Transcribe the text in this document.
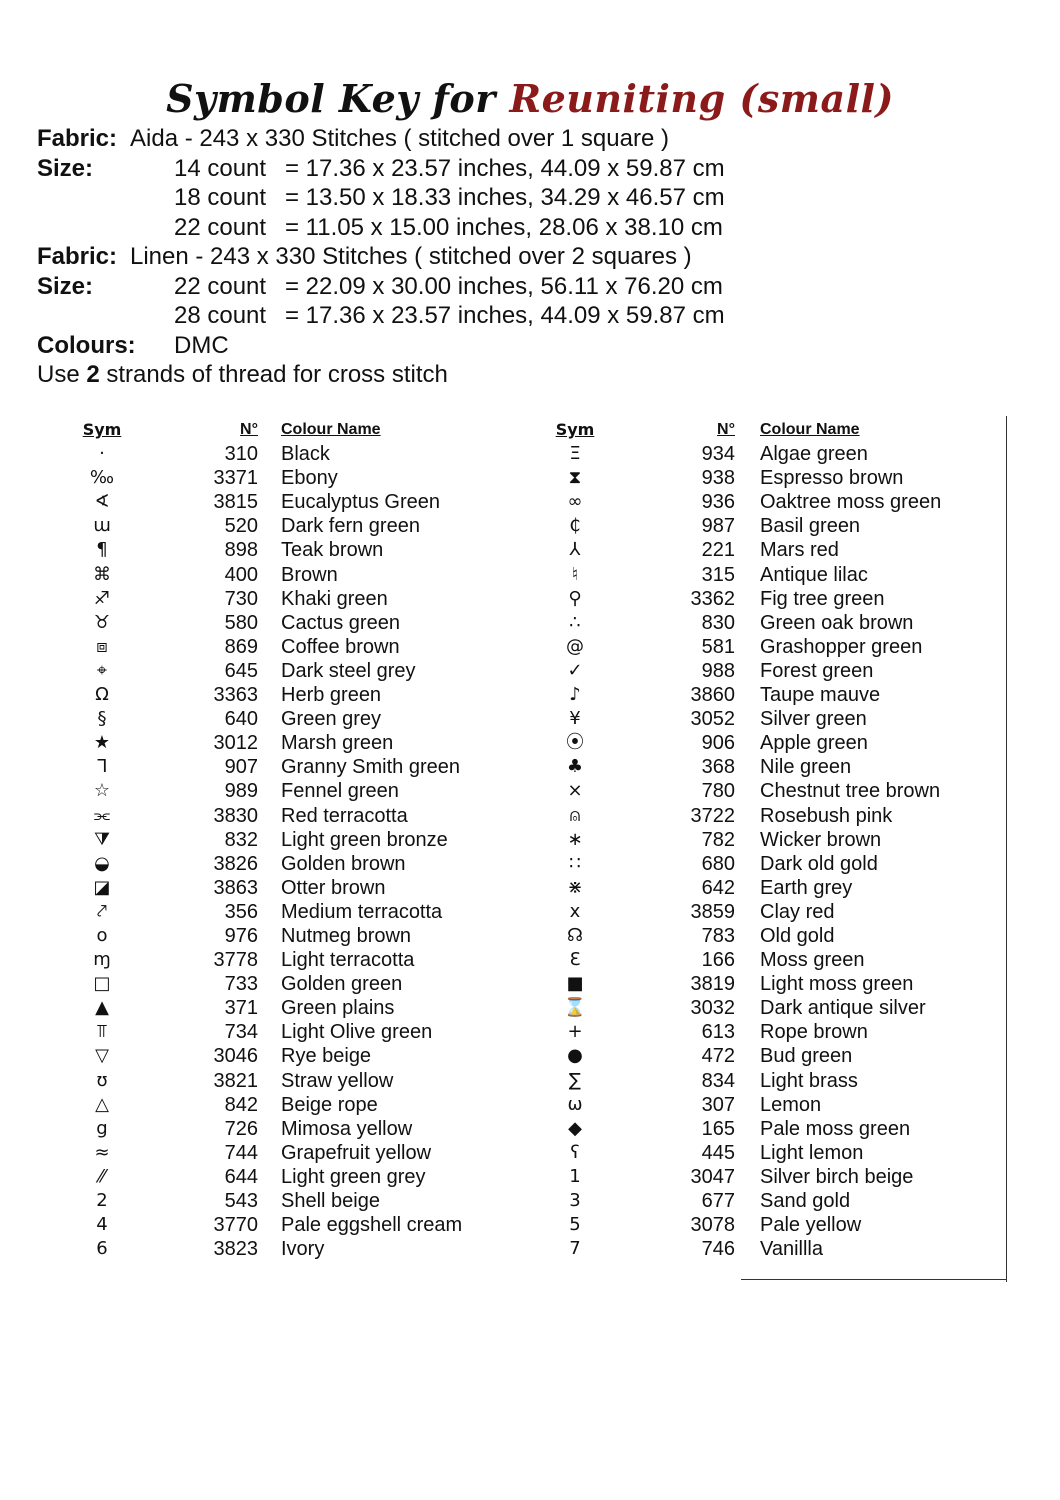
Symbol Key for Reuniting (small)
Fabric: Aida - 243 x 330 Stitches ( stitched over 1 square )
Size:	14 count = 17.36 x 23.57 inches, 44.09 x 59.87 cm
18 count = 13.50 x 18.33 inches, 34.29 x 46.57 cm
22 count = 11.05 x 15.00 inches, 28.06 x 38.10 cm
Fabric: Linen - 243 x 330 Stitches ( stitched over 2 squares )
Size:	22 count = 22.09 x 30.00 inches, 56.11 x 76.20 cm
28 count = 17.36 x 23.57 inches, 44.09 x 59.87 cm
Colours: DMC
Use 2 strands of thread for cross stitch
Sym	N° Colour Name
·	310 Black
‰	3371 Ebony
∢	3815 Eucalyptus Green
ɯ	520 Dark fern green
¶	898 Teak brown
⌘	400 Brown
♐	730 Khaki green
♉	580 Cactus green
⧈	869 Coffee brown
⌖	645 Dark steel grey
Ω	3363 Herb green
§	640 Green grey
★	3012 Marsh green
ᒣ	907 Granny Smith green
☆	989 Fennel green
⫘	3830 Red terracotta
⧩	832 Light green bronze
◒	3826 Golden brown
◪	3863 Otter brown
⤤	356 Medium terracotta
o	976 Nutmeg brown
ɱ	3778 Light terracotta
□	733 Golden green
▲	371 Green plains
⫪	734 Light Olive green
▽	3046 Rye beige
ʊ	3821 Straw yellow
△	842 Beige rope
g	726 Mimosa yellow
≈	744 Grapefruit yellow
⁄⁄	644 Light green grey
2	543 Shell beige
4	3770 Pale eggshell cream
6	3823 Ivory
Sym	N° Colour Name
Ξ	934 Algae green
⧗	938 Espresso brown
∞	936 Oaktree moss green
₵	987 Basil green
⅄	221 Mars red
♮	315 Antique lilac
⚲	3362 Fig tree green
∴	830 Green oak brown
@	581 Grashopper green
✓	988 Forest green
♪	3860 Taupe mauve
¥	3052 Silver green
⦿	906 Apple green
♣	368 Nile green
⨯	780 Chestnut tree brown
⍝	3722 Rosebush pink
∗	782 Wicker brown
∷	680 Dark old gold
⋇	642 Earth grey
x	3859 Clay red
☊	783 Old gold
Ɛ	166 Moss green
■	3819 Light moss green
⌛	3032 Dark antique silver
+	613 Rope brown
●	472 Bud green
∑	834 Light brass
ω	307 Lemon
◆	165 Pale moss green
ʕ	445 Light lemon
1	3047 Silver birch beige
3	677 Sand gold
5	3078 Pale yellow
7	746 Vanillla
